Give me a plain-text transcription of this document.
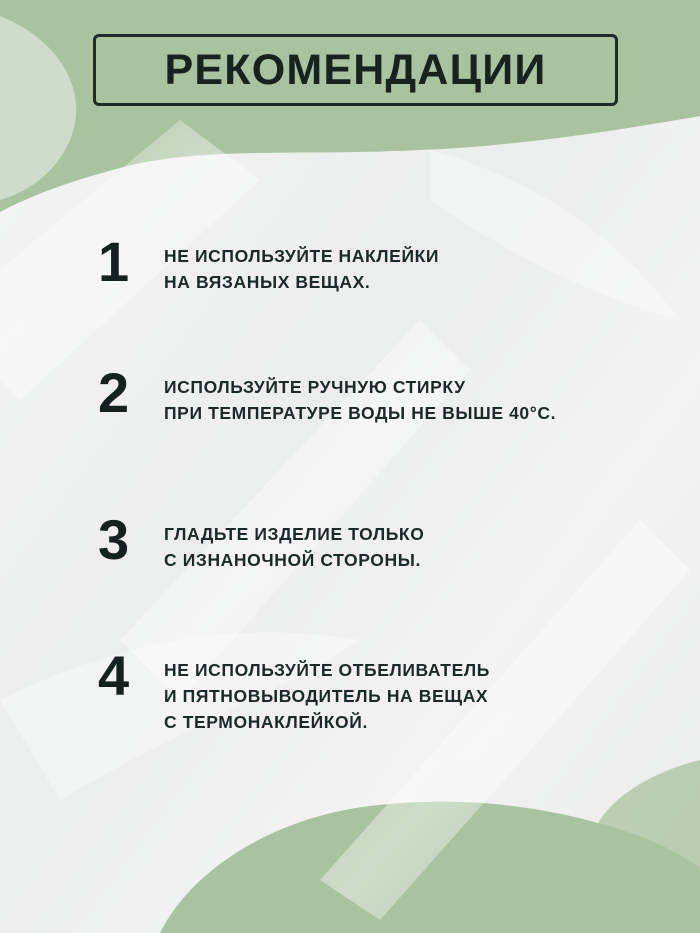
РЕКОМЕНДАЦИИ
1	НЕ ИСПОЛЬЗУЙТЕ НАКЛЕЙКИ
НА ВЯЗАНЫХ ВЕЩАХ.
2	ИСПОЛЬЗУЙТЕ РУЧНУЮ СТИРКУ
ПРИ ТЕМПЕРАТУРЕ ВОДЫ НЕ ВЫШЕ 40°С.
3	ГЛАДЬТЕ ИЗДЕЛИЕ ТОЛЬКО
С ИЗНАНОЧНОЙ СТОРОНЫ.
4	НЕ ИСПОЛЬЗУЙТЕ ОТБЕЛИВАТЕЛЬ
И ПЯТНОВЫВОДИТЕЛЬ НА ВЕЩАХ
С ТЕРМОНАКЛЕЙКОЙ.
